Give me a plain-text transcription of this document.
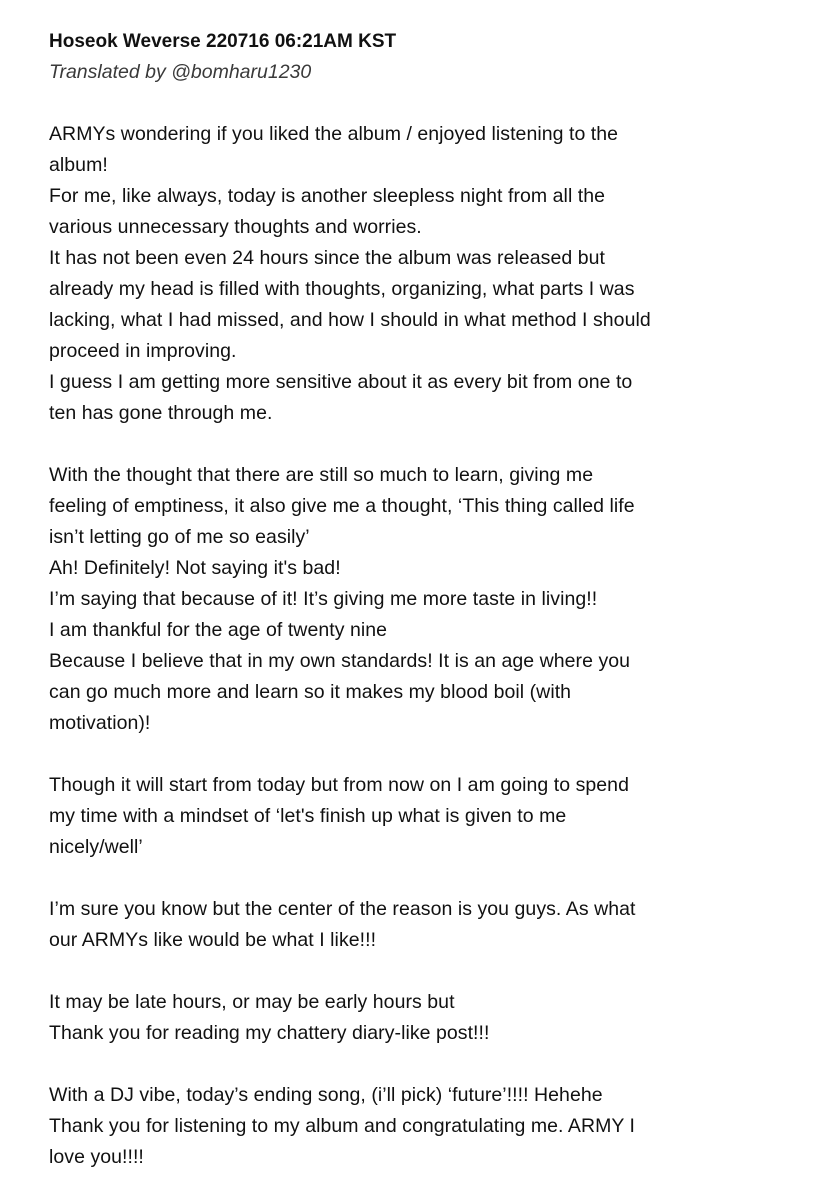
Hoseok Weverse 220716 06:21AM KST

Translated by @bomharu1230

ARMYs wondering if you liked the album / enjoyed listening to the

album!

For me, like always, today is another sleepless night from all the

various unnecessary thoughts and worries.

It has not been even 24 hours since the album was released but

already my head is filled with thoughts, organizing, what parts I was

lacking, what I had missed, and how I should in what method I should

proceed in improving.

I guess I am getting more sensitive about it as every bit from one to

ten has gone through me.

With the thought that there are still so much to learn, giving me

feeling of emptiness, it also give me a thought, ‘This thing called life

isn’t letting go of me so easily’

Ah! Definitely! Not saying it's bad!

I’m saying that because of it! It’s giving me more taste in living!!

I am thankful for the age of twenty nine

Because I believe that in my own standards! It is an age where you

can go much more and learn so it makes my blood boil (with

motivation)!

Though it will start from today but from now on I am going to spend

my time with a mindset of ‘let's finish up what is given to me

nicely/well’

I’m sure you know but the center of the reason is you guys. As what

our ARMYs like would be what I like!!!

It may be late hours, or may be early hours but

Thank you for reading my chattery diary-like post!!!

With a DJ vibe, today’s ending song, (i’ll pick) ‘future’!!!! Hehehe

Thank you for listening to my album and congratulating me. ARMY I

love you!!!!
